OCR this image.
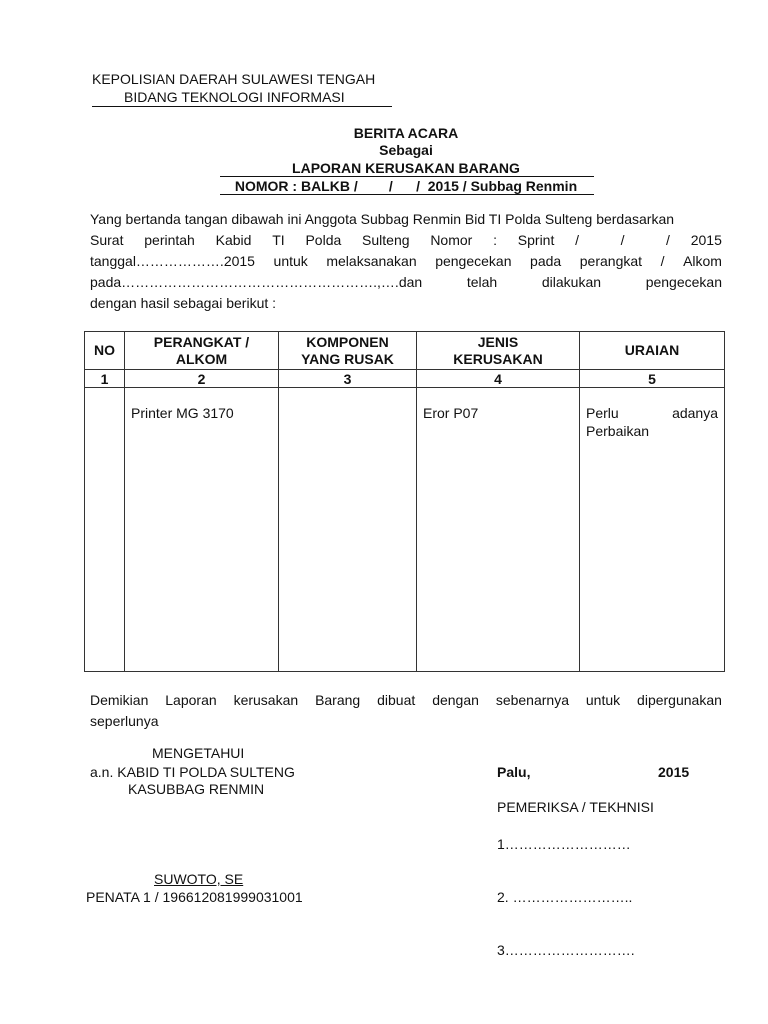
KEPOLISIAN DAERAH SULAWESI TENGAH
BIDANG TEKNOLOGI INFORMASI
BERITA ACARA
Sebagai
LAPORAN KERUSAKAN BARANG
NOMOR : BALKB /        /      /  2015 / Subbag Renmin
Yang bertanda tangan dibawah ini Anggota Subbag Renmin Bid TI Polda Sulteng berdasarkan
Surat perintah Kabid TI Polda Sulteng Nomor : Sprint /	/	/ 2015
tanggal……………….2015 untuk melaksanakan pengecekan pada perangkat / Alkom
pada……………………………………………….,….dan	telah	dilakukan	pengecekan
dengan hasil sebagai berikut :
NO	PERANGKAT / ALKOM	KOMPONEN YANG RUSAK	JENIS KERUSAKAN	URAIAN
1	2	3	4	5

	Printer MG 3170		Eror P07	Perlu adanya
Perbaikan
Demikian Laporan kerusakan Barang dibuat dengan sebenarnya untuk dipergunakan
seperlunya
MENGETAHUI
a.n. KABID TI POLDA SULTENG
KASUBBAG RENMIN
SUWOTO, SE
PENATA 1 / 196612081999031001
Palu,	2015
PEMERIKSA / TEKHNISI
1………………………
2. ……………………..
3……………………….
